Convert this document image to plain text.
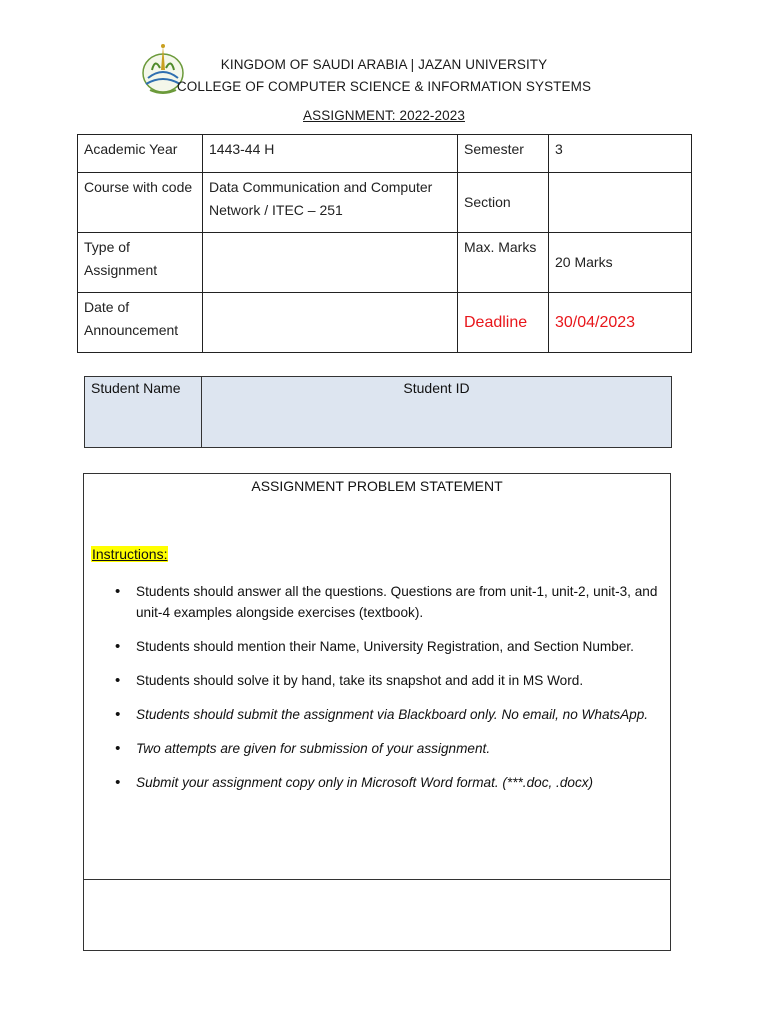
KINGDOM OF SAUDI ARABIA | JAZAN UNIVERSITY
COLLEGE OF COMPUTER SCIENCE & INFORMATION SYSTEMS
ASSIGNMENT: 2022-2023
Academic Year	1443-44 H	Semester	3
Course with code	Data Communication and Computer Network / ITEC – 251	Section	
Type of Assignment		Max. Marks	20 Marks
Date of Announcement		Deadline	30/04/2023
Student Name	Student ID
ASSIGNMENT PROBLEM STATEMENT
Instructions:
• Students should answer all the questions. Questions are from unit-1, unit-2, unit-3, and unit-4 examples alongside exercises (textbook).
• Students should mention their Name, University Registration, and Section Number.
• Students should solve it by hand, take its snapshot and add it in MS Word.
• Students should submit the assignment via Blackboard only. No email, no WhatsApp.
• Two attempts are given for submission of your assignment.
• Submit your assignment copy only in Microsoft Word format. (***.doc, .docx)
